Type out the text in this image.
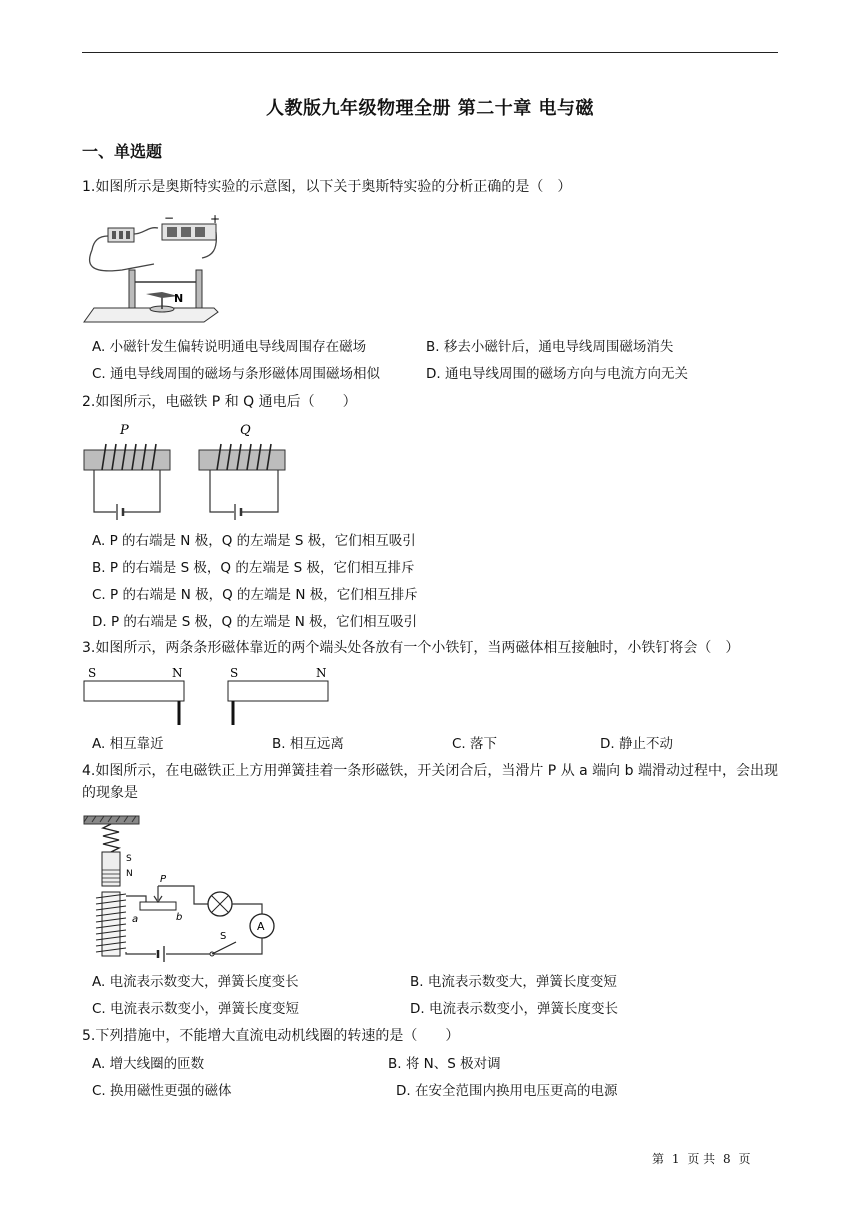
人教版九年级物理全册 第二十章 电与磁
一、单选题
1.如图所示是奥斯特实验的示意图，以下关于奥斯特实验的分析正确的是（　）
−	+
N
A. 小磁针发生偏转说明通电导线周围存在磁场	B. 移去小磁针后，通电导线周围磁场消失
C. 通电导线周围的磁场与条形磁体周围磁场相似	D. 通电导线周围的磁场方向与电流方向无关
2.如图所示，电磁铁 P 和 Q 通电后（　　）
P	Q
A. P 的右端是 N 极，Q 的左端是 S 极，它们相互吸引
B. P 的右端是 S 极，Q 的左端是 S 极，它们相互排斥
C. P 的右端是 N 极，Q 的左端是 N 极，它们相互排斥
D. P 的右端是 S 极，Q 的左端是 N 极，它们相互吸引
3.如图所示，两条条形磁体靠近的两个端头处各放有一个小铁钉，当两磁体相互接触时，小铁钉将会（　）
S	N	S	N
A. 相互靠近	B. 相互远离	C. 落下	D. 静止不动
4.如图所示，在电磁铁正上方用弹簧挂着一条形磁铁，开关闭合后，当滑片 P 从 a 端向 b 端滑动过程中，会出现的现象是
S
N	P
a	b
A
S
A. 电流表示数变大，弹簧长度变长	B. 电流表示数变大，弹簧长度变短
C. 电流表示数变小，弹簧长度变短	D. 电流表示数变小，弹簧长度变长
5.下列措施中，不能增大直流电动机线圈的转速的是（　　）
A. 增大线圈的匝数	B. 将 N、S 极对调
C. 换用磁性更强的磁体	D. 在安全范围内换用电压更高的电源
第 1 页 共 8 页
